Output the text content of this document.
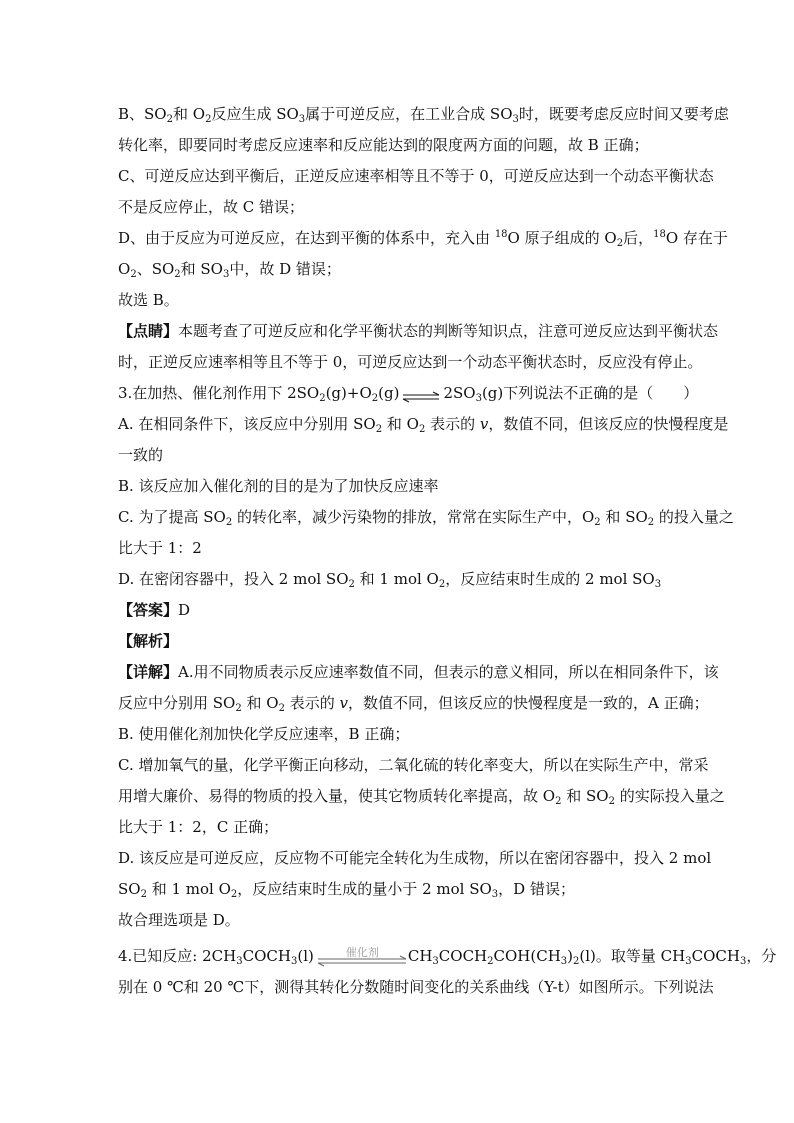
B、$SO_2$和 $O_2$反应生成 $SO_3$属于可逆反应，在工业合成 $SO_3$时，既要考虑反应时间又要考虑
转化率，即要同时考虑反应速率和反应能达到的限度两方面的问题，故 B 正确；
C、可逆反应达到平衡后，正逆反应速率相等且不等于 0，可逆反应达到一个动态平衡状态
不是反应停止，故 C 错误；
D、由于反应为可逆反应，在达到平衡的体系中，充入由 $^{18}$O 原子组成的 $O_2$后，$^{18}$O 存在于
$O_2$、$SO_2$和 $SO_3$中，故 D 错误；
故选 B。
【点睛】本题考查了可逆反应和化学平衡状态的判断等知识点，注意可逆反应达到平衡状态
时，正逆反应速率相等且不等于 0，可逆反应达到一个动态平衡状态时，反应没有停止。
3.在加热、催化剂作用下 $2SO_2(g)+O_2(g)$	$2SO_3(g)$下列说法不正确的是（　　）
A. 在相同条件下，该反应中分别用 $SO_2$ 和 $O_2$ 表示的 v，数值不同，但该反应的快慢程度是
一致的
B. 该反应加入催化剂的目的是为了加快反应速率
C. 为了提高 $SO_2$ 的转化率，减少污染物的排放，常常在实际生产中，$O_2$ 和 $SO_2$ 的投入量之
比大于 1：2
D. 在密闭容器中，投入 2 mol $SO_2$ 和 1 mol $O_2$，反应结束时生成的 2 mol $SO_3$
【答案】D
【解析】
【详解】A.用不同物质表示反应速率数值不同，但表示的意义相同，所以在相同条件下，该
反应中分别用 $SO_2$ 和 $O_2$ 表示的 v，数值不同，但该反应的快慢程度是一致的，A 正确；
B. 使用催化剂加快化学反应速率，B 正确；
C. 增加氧气的量，化学平衡正向移动，二氧化硫的转化率变大，所以在实际生产中，常采
用增大廉价、易得的物质的投入量，使其它物质转化率提高，故 $O_2$ 和 $SO_2$ 的实际投入量之
比大于 1：2，C 正确；
D. 该反应是可逆反应，反应物不可能完全转化为生成物，所以在密闭容器中，投入 2 mol
$SO_2$ 和 1 mol $O_2$，反应结束时生成的量小于 2 mol $SO_3$，D 错误；
故合理选项是 D。
4.已知反应: $2CH_3COCH_3(l)$	催化剂 $CH_3COCH_2COH(CH_3)_2(l)$。取等量 $CH_3COCH_3$，分
别在 0 ℃和 20 ℃下，测得其转化分数随时间变化的关系曲线（Y-t）如图所示。下列说法
